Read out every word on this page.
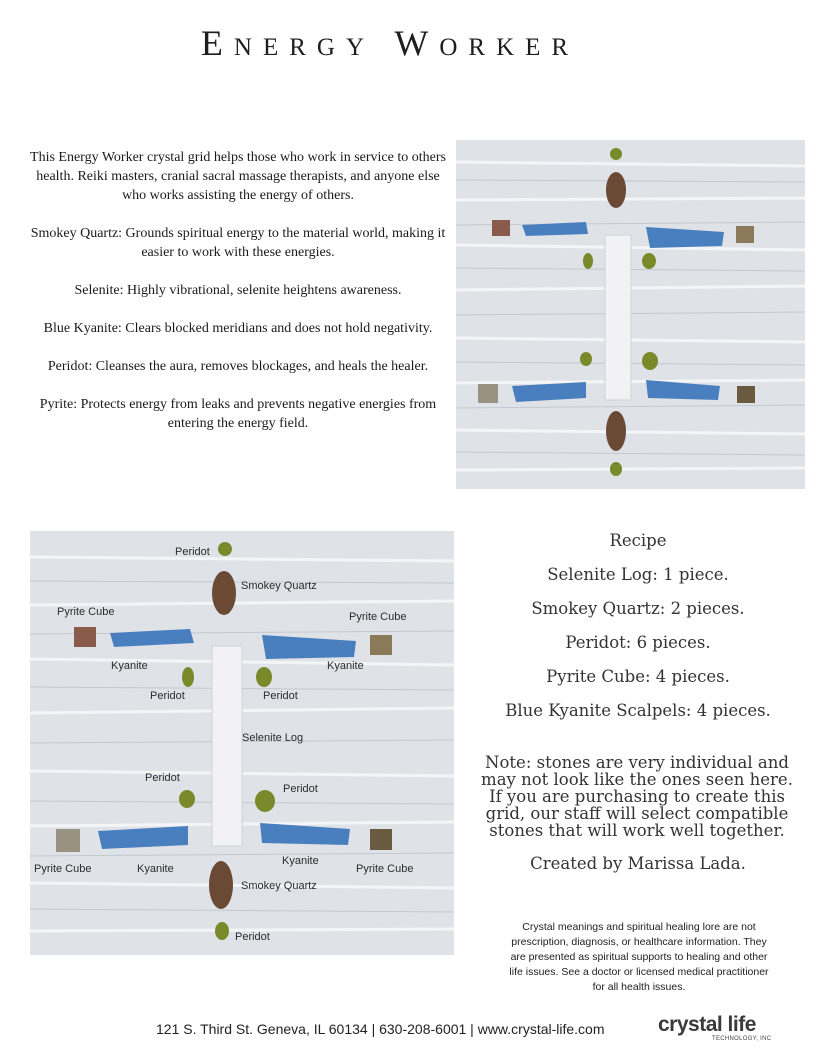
Energy Worker

This Energy Worker crystal grid helps those who work in service to others health. Reiki masters, cranial sacral massage therapists, and anyone else who works assisting the energy of others.

Smokey Quartz: Grounds spiritual energy to the material world, making it easier to work with these energies.

Selenite: Highly vibrational, selenite heightens awareness.

Blue Kyanite: Clears blocked meridians and does not hold negativity.

Peridot: Cleanses the aura, removes blockages, and heals the healer.

Pyrite: Protects energy from leaks and prevents negative energies from entering the energy field.

Peridot
Smokey Quartz
Pyrite Cube	Pyrite Cube
Kyanite	Kyanite
Peridot	Peridot
Selenite Log
Peridot
Peridot
Kyanite
Pyrite Cube	Kyanite	Pyrite Cube
Smokey Quartz
Peridot
Recipe
Selenite Log: 1 piece.
Smokey Quartz: 2 pieces.
Peridot: 6 pieces.
Pyrite Cube: 4 pieces.
Blue Kyanite Scalpels: 4 pieces.
Note: stones are very individual and may not look like the ones seen here. If you are purchasing to create this grid, our staff will select compatible stones that will work well together.
Created by Marissa Lada.
Crystal meanings and spiritual healing lore are not prescription, diagnosis, or healthcare information. They are presented as spiritual supports to healing and other life issues. See a doctor or licensed medical practitioner for all health issues.
121 S. Third St. Geneva, IL 60134 | 630-208-6001 | www.crystal-life.com	crystal life
TECHNOLOGY, INC
